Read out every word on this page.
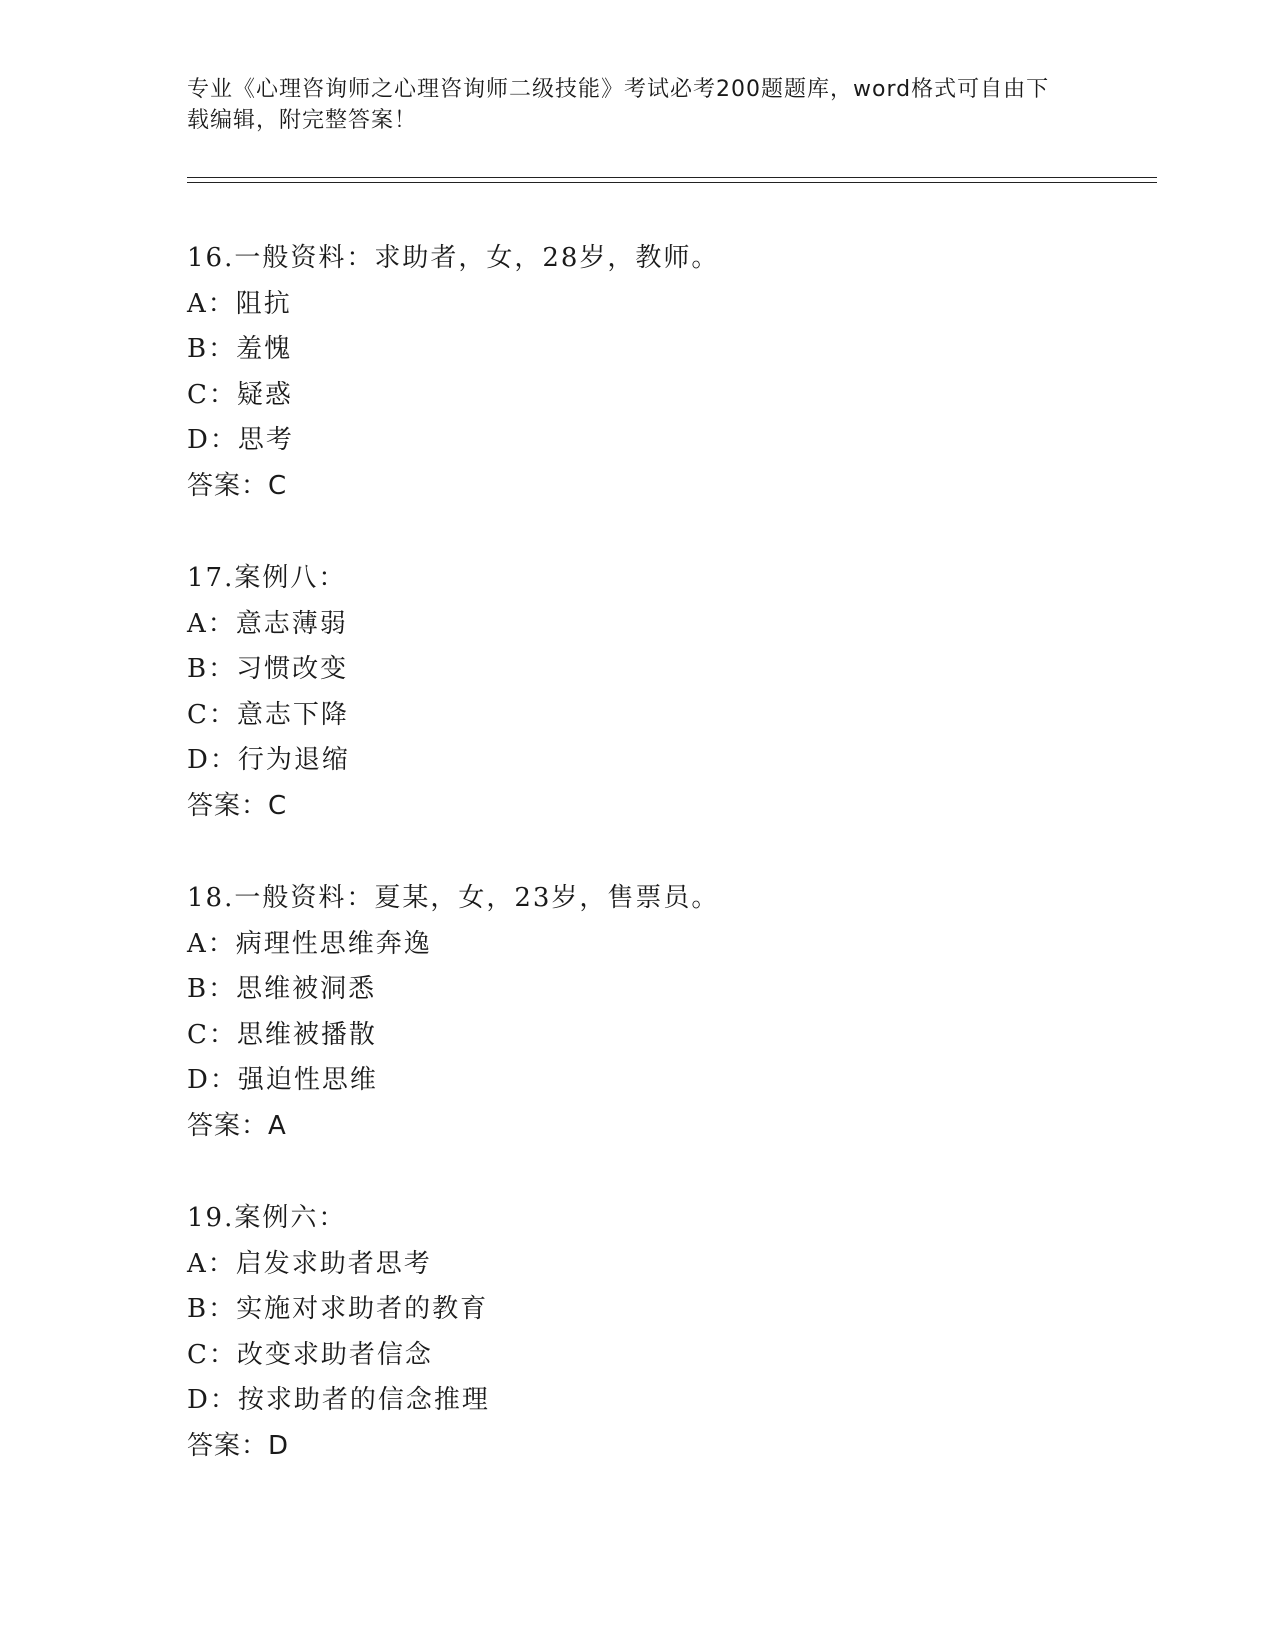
专业《心理咨询师之心理咨询师二级技能》考试必考200题题库，word格式可自由下载编辑，附完整答案！
16.一般资料：求助者，女，28岁，教师。
A：阻抗
B：羞愧
C：疑惑
D：思考
答案：C
17.案例八：
A：意志薄弱
B：习惯改变
C：意志下降
D：行为退缩
答案：C
18.一般资料：夏某，女，23岁，售票员。
A：病理性思维奔逸
B：思维被洞悉
C：思维被播散
D：强迫性思维
答案：A
19.案例六：
A：启发求助者思考
B：实施对求助者的教育
C：改变求助者信念
D：按求助者的信念推理
答案：D
